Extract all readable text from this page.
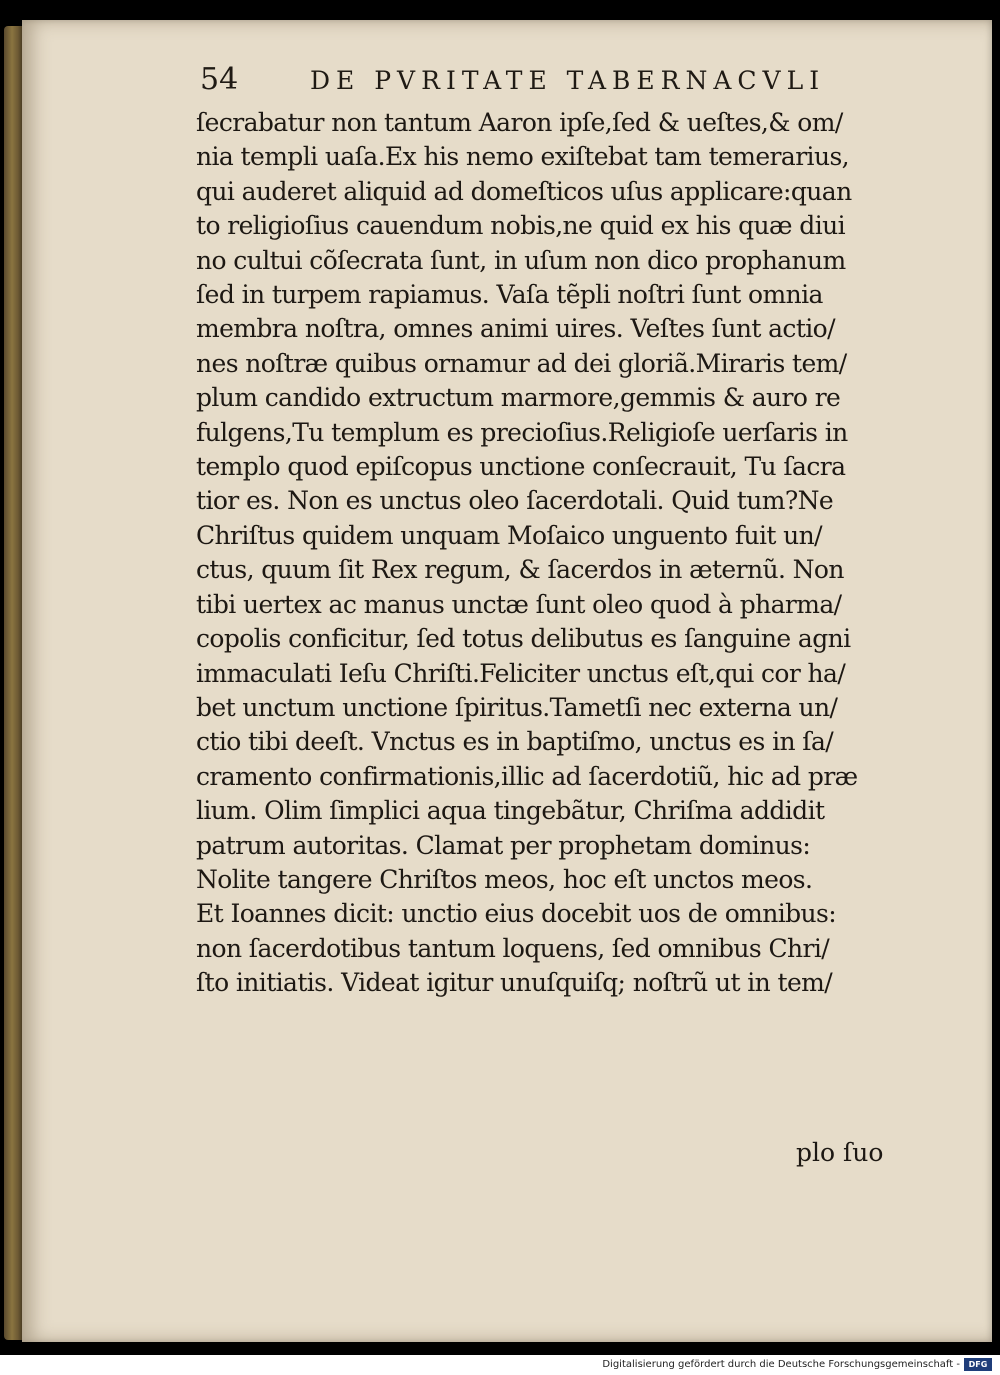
54	DE PVRITATE TABERNACVLI
ſecrabatur non tantum Aaron ipſe,ſed & ueſtes,& om/
nia templi uaſa.Ex his nemo exiſtebat tam temerarius,
qui auderet aliquid ad domeſticos uſus applicare:quan
to religioſius cauendum nobis,ne quid ex his quæ diui
no cultui cõſecrata ſunt, in uſum non dico prophanum
ſed in turpem rapiamus. Vaſa tẽpli noſtri ſunt omnia
membra noſtra, omnes animi uires. Veſtes ſunt actio/
nes noſtræ quibus ornamur ad dei gloriã.Miraris tem/
plum candido extructum marmore,gemmis & auro re
fulgens,Tu templum es precioſius.Religioſe uerſaris in
templo quod epiſcopus unctione conſecrauit, Tu ſacra
tior es. Non es unctus oleo ſacerdotali. Quid tum?Ne
Chriſtus quidem unquam Moſaico unguento fuit un/
ctus, quum ſit Rex regum, & ſacerdos in æternũ. Non
tibi uertex ac manus unctæ ſunt oleo quod à pharma/
copolis conficitur, ſed totus delibutus es ſanguine agni
immaculati Ieſu Chriſti.Feliciter unctus eſt,qui cor ha/
bet unctum unctione ſpiritus.Tametſi nec externa un/
ctio tibi deeſt. Vnctus es in baptiſmo, unctus es in ſa/
cramento confirmationis,illic ad ſacerdotiũ, hic ad præ
lium. Olim ſimplici aqua tingebãtur, Chriſma addidit
patrum autoritas. Clamat per prophetam dominus:
Nolite tangere Chriſtos meos, hoc eſt unctos meos.
Et Ioannes dicit: unctio eius docebit uos de omnibus:
non ſacerdotibus tantum loquens, ſed omnibus Chri/
ſto initiatis. Videat igitur unuſquiſq; noſtrũ ut in tem/
plo ſuo
Digitalisierung gefördert durch die Deutsche Forschungsgemeinschaft -	DFG
